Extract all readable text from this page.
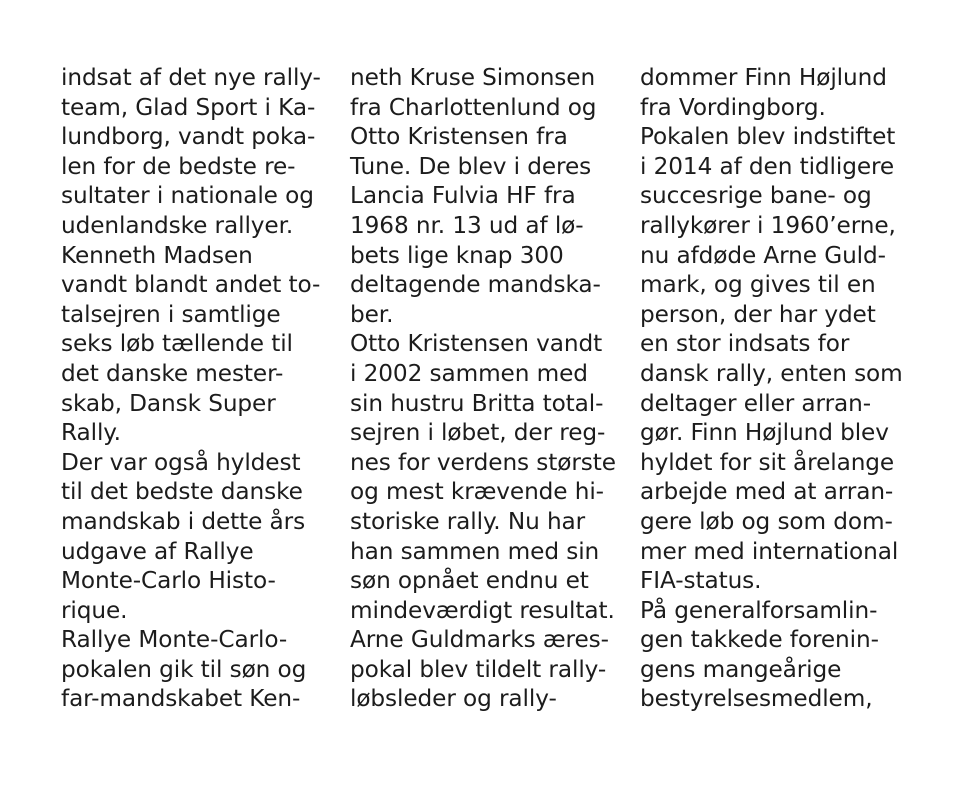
indsat af det nye rally-
team, Glad Sport i Ka-
lundborg, vandt poka-
len for de bedste re-
sultater i nationale og
udenlandske rallyer.
Kenneth Madsen
vandt blandt andet to-
talsejren i samtlige
seks løb tællende til
det danske mester-
skab, Dansk Super
Rally.
Der var også hyldest
til det bedste danske
mandskab i dette års
udgave af Rallye
Monte-Carlo Histo-
rique.
Rallye Monte-Carlo-
pokalen gik til søn og
far-mandskabet Ken-
neth Kruse Simonsen
fra Charlottenlund og
Otto Kristensen fra
Tune. De blev i deres
Lancia Fulvia HF fra
1968 nr. 13 ud af lø-
bets lige knap 300
deltagende mandska-
ber.
Otto Kristensen vandt
i 2002 sammen med
sin hustru Britta total-
sejren i løbet, der reg-
nes for verdens største
og mest krævende hi-
storiske rally. Nu har
han sammen med sin
søn opnået endnu et
mindeværdigt resultat.
Arne Guldmarks æres-
pokal blev tildelt rally-
løbsleder og rally-
dommer Finn Højlund
fra Vordingborg.
Pokalen blev indstiftet
i 2014 af den tidligere
succesrige bane- og
rallykører i 1960’erne,
nu afdøde Arne Guld-
mark, og gives til en
person, der har ydet
en stor indsats for
dansk rally, enten som
deltager eller arran-
gør. Finn Højlund blev
hyldet for sit årelange
arbejde med at arran-
gere løb og som dom-
mer med international
FIA-status.
På generalforsamlin-
gen takkede forenin-
gens mangeårige
bestyrelsesmedlem,
